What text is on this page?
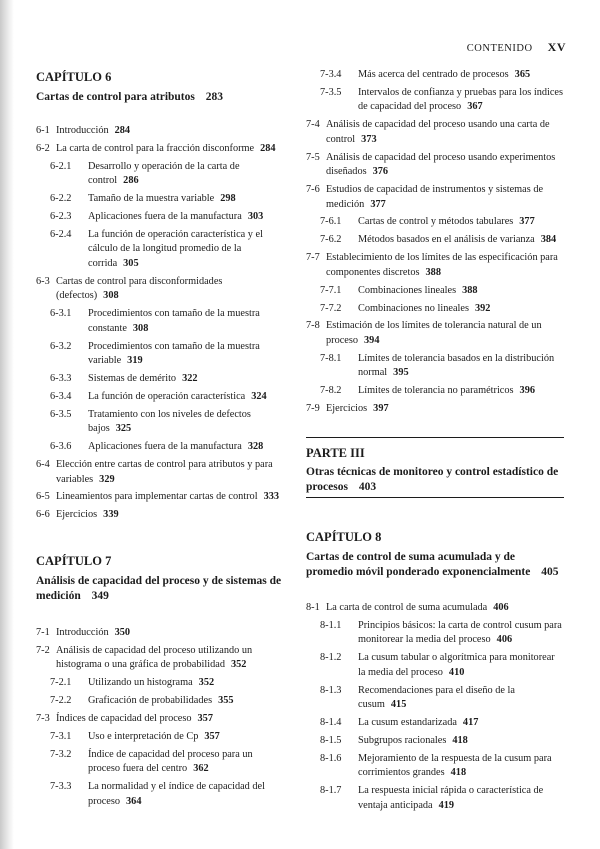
CONTENIDO XV
CAPÍTULO 6
Cartas de control para atributos 283
6-1 Introducción 284
6-2 La carta de control para la fracción disconforme 284
6-2.1 Desarrollo y operación de la carta de control 286
6-2.2 Tamaño de la muestra variable 298
6-2.3 Aplicaciones fuera de la manufactura 303
6-2.4 La función de operación característica y el cálculo de la longitud promedio de la corrida 305
6-3 Cartas de control para disconformidades (defectos) 308
6-3.1 Procedimientos con tamaño de la muestra constante 308
6-3.2 Procedimientos con tamaño de la muestra variable 319
6-3.3 Sistemas de demérito 322
6-3.4 La función de operación característica 324
6-3.5 Tratamiento con los niveles de defectos bajos 325
6-3.6 Aplicaciones fuera de la manufactura 328
6-4 Elección entre cartas de control para atributos y para variables 329
6-5 Lineamientos para implementar cartas de control 333
6-6 Ejercicios 339
CAPÍTULO 7
Análisis de capacidad del proceso y de sistemas de medición 349
7-1 Introducción 350
7-2 Análisis de capacidad del proceso utilizando un histograma o una gráfica de probabilidad 352
7-2.1 Utilizando un histograma 352
7-2.2 Graficación de probabilidades 355
7-3 Índices de capacidad del proceso 357
7-3.1 Uso e interpretación de Cp 357
7-3.2 Índice de capacidad del proceso para un proceso fuera del centro 362
7-3.3 La normalidad y el índice de capacidad del proceso 364
7-3.4 Más acerca del centrado de procesos 365
7-3.5 Intervalos de confianza y pruebas para los índices de capacidad del proceso 367
7-4 Análisis de capacidad del proceso usando una carta de control 373
7-5 Análisis de capacidad del proceso usando experimentos diseñados 376
7-6 Estudios de capacidad de instrumentos y sistemas de medición 377
7-6.1 Cartas de control y métodos tabulares 377
7-6.2 Métodos basados en el análisis de varianza 384
7-7 Establecimiento de los límites de las especificación para componentes discretos 388
7-7.1 Combinaciones lineales 388
7-7.2 Combinaciones no lineales 392
7-8 Estimación de los límites de tolerancia natural de un proceso 394
7-8.1 Límites de tolerancia basados en la distribución normal 395
7-8.2 Límites de tolerancia no paramétricos 396
7-9 Ejercicios 397
PARTE III
Otras técnicas de monitoreo y control estadístico de procesos 403
CAPÍTULO 8
Cartas de control de suma acumulada y de promedio móvil ponderado exponencialmente 405
8-1 La carta de control de suma acumulada 406
8-1.1 Principios básicos: la carta de control cusum para monitorear la media del proceso 406
8-1.2 La cusum tabular o algorítmica para monitorear la media del proceso 410
8-1.3 Recomendaciones para el diseño de la cusum 415
8-1.4 La cusum estandarizada 417
8-1.5 Subgrupos racionales 418
8-1.6 Mejoramiento de la respuesta de la cusum para corrimientos grandes 418
8-1.7 La respuesta inicial rápida o característica de ventaja anticipada 419
